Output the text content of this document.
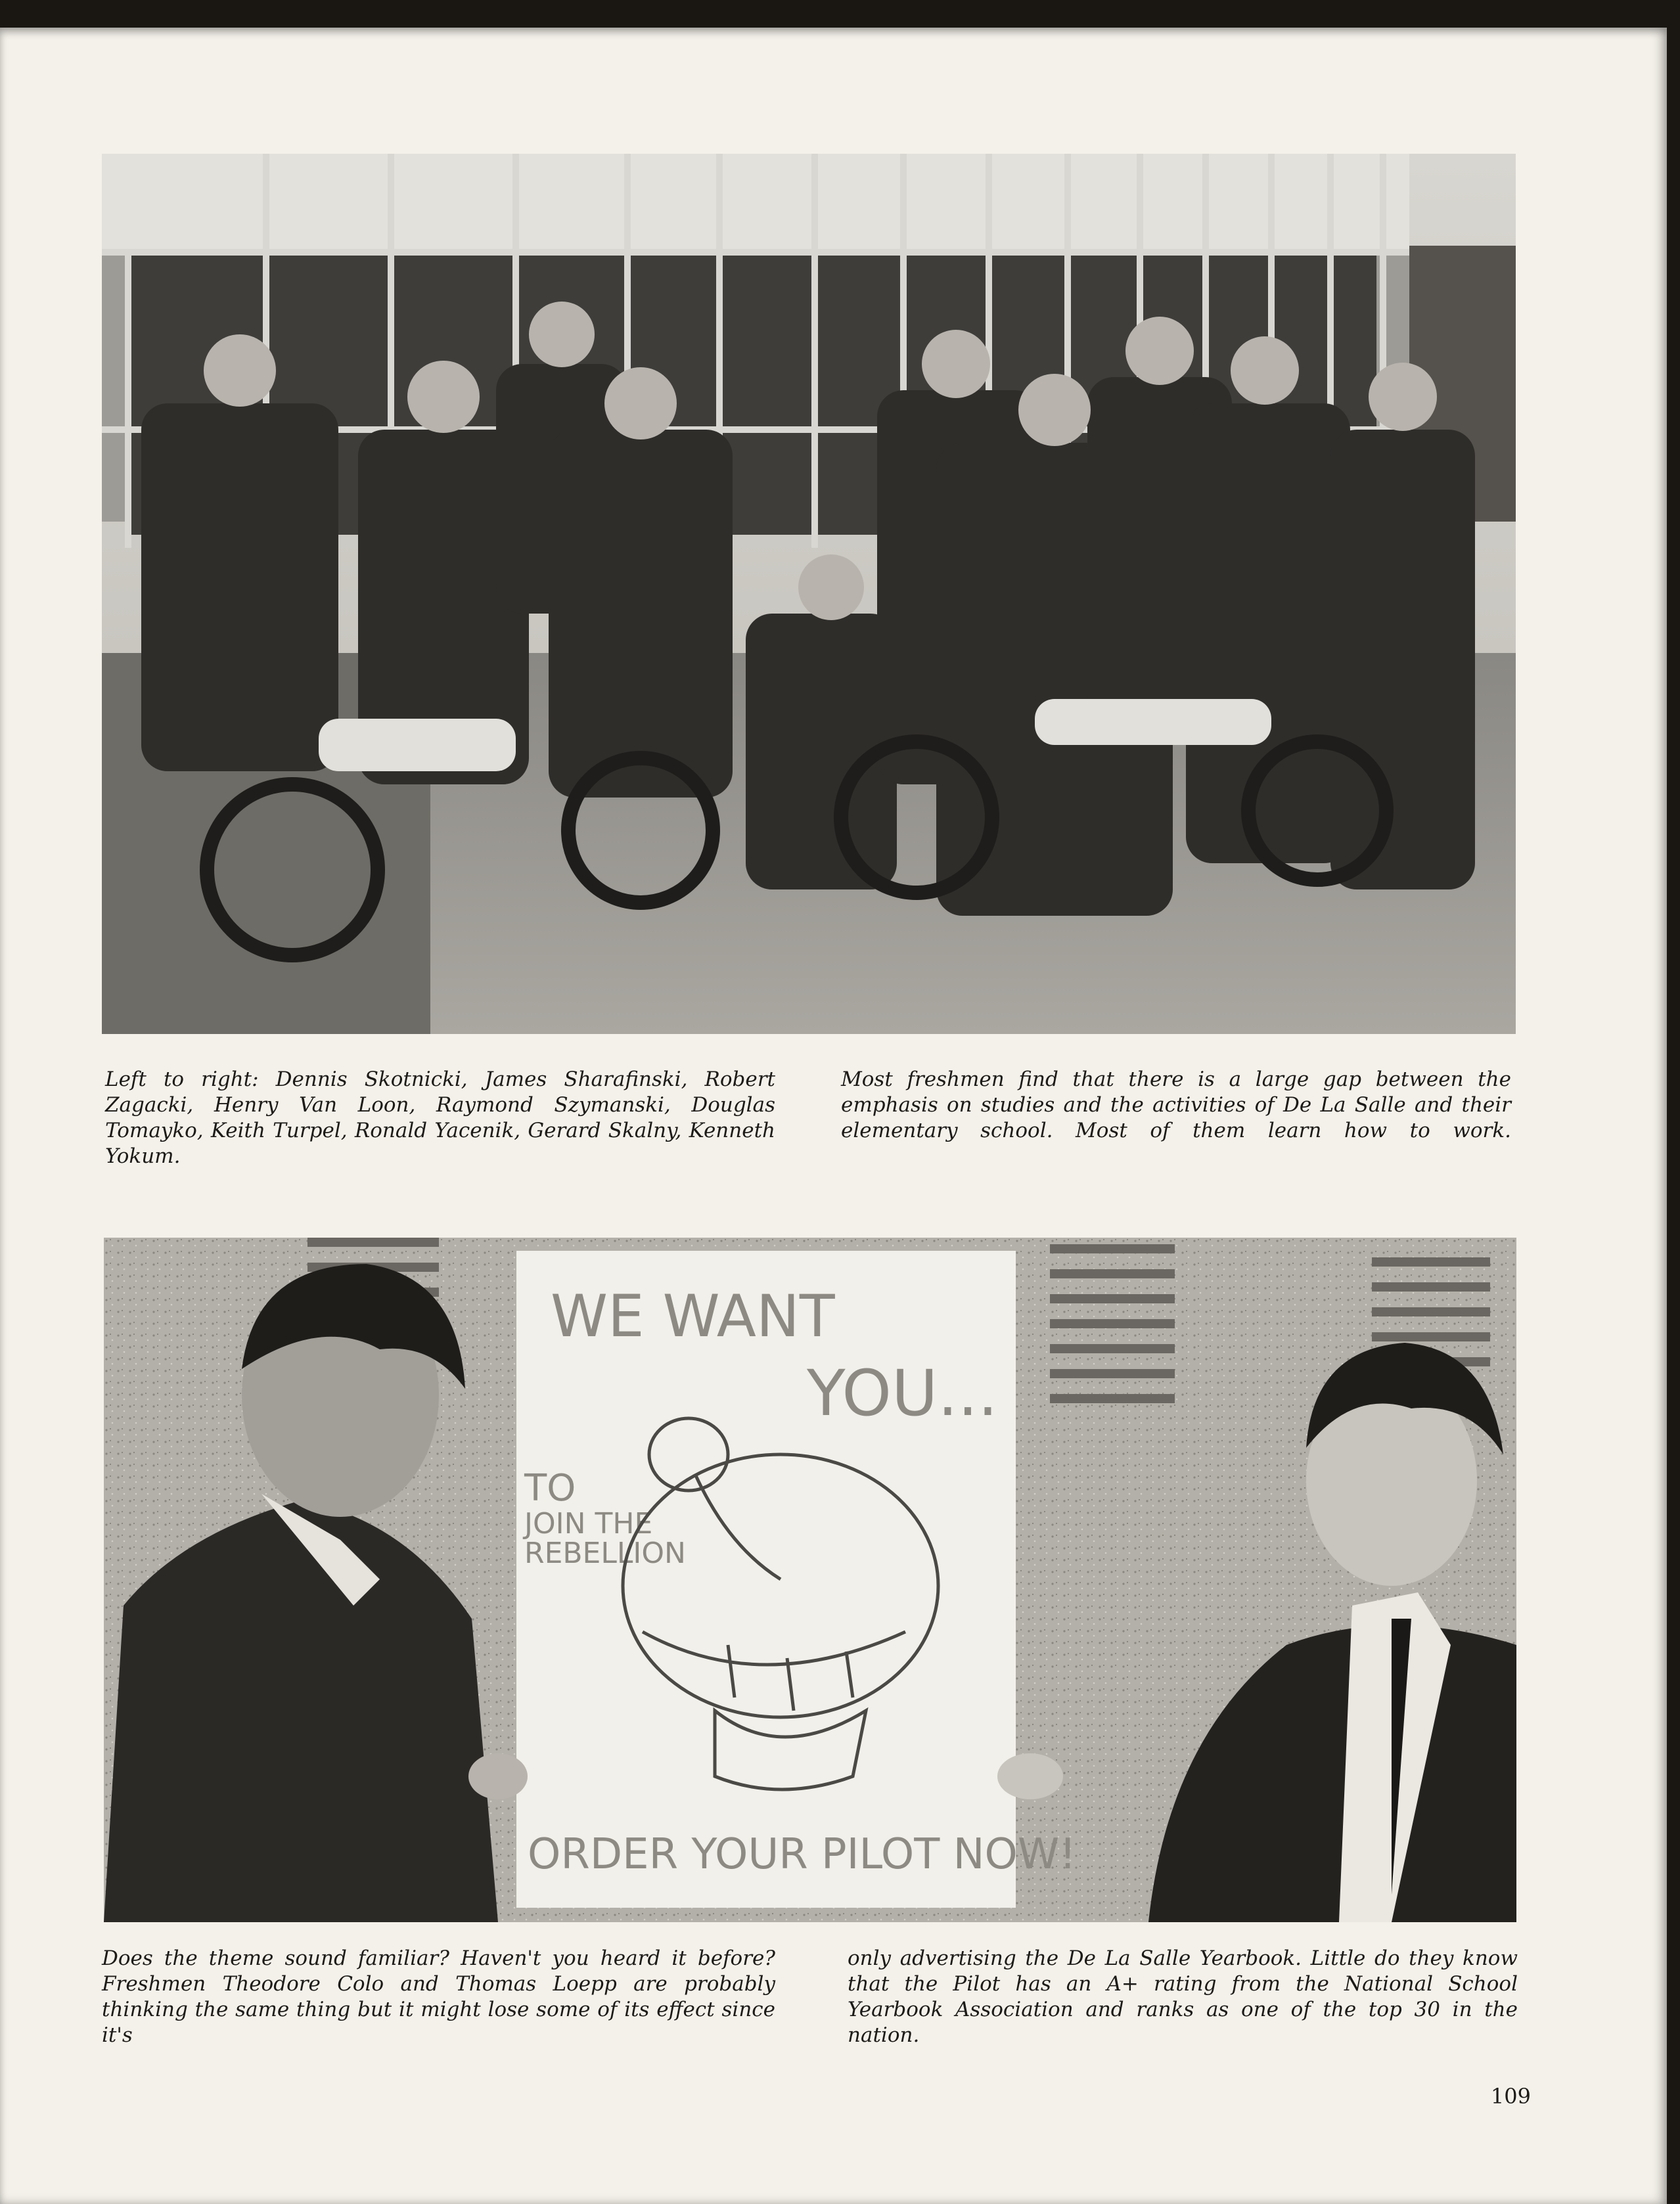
Left to right: Dennis Skotnicki, James Sharafinski, Robert Zagacki, Henry Van Loon, Raymond Szymanski, Douglas Tomayko, Keith Turpel, Ronald Yacenik, Gerard Skalny, Kenneth Yokum.
Most freshmen find that there is a large gap between the emphasis on studies and the activities of De La Salle and their elementary school. Most of them learn how to work.
WE WANT
YOU...
TO
JOIN THE
REBELLION
ORDER YOUR PILOT NOW!
Does the theme sound familiar? Haven't you heard it before? Freshmen Theodore Colo and Thomas Loepp are probably thinking the same thing but it might lose some of its effect since it's
only advertising the De La Salle Yearbook. Little do they know that the Pilot has an A+ rating from the National School Yearbook Association and ranks as one of the top 30 in the nation.
109
